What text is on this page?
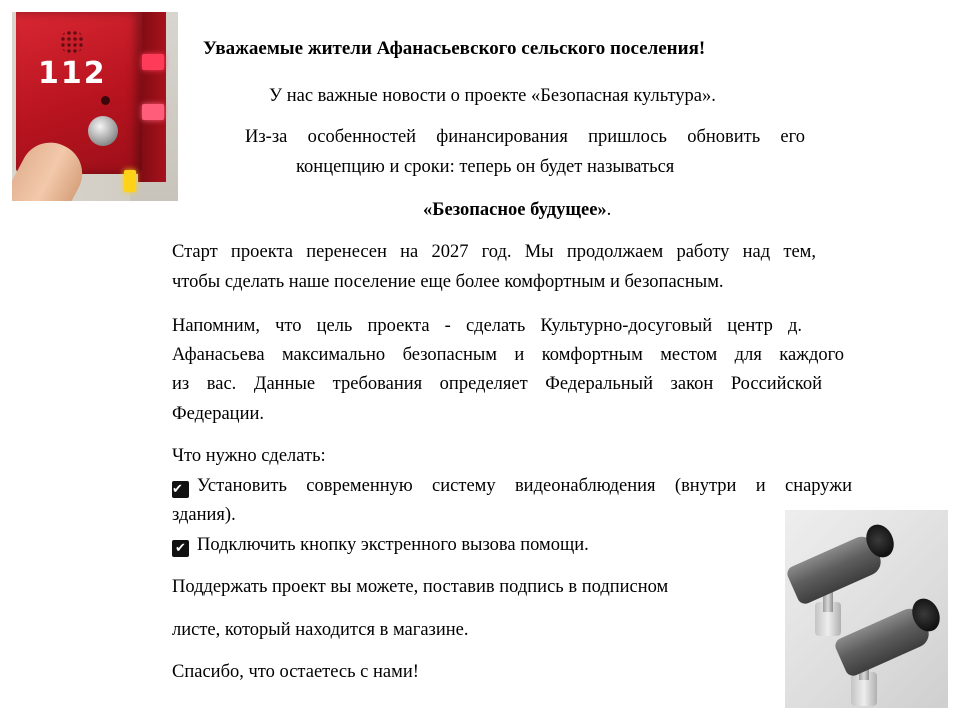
112

Уважаемые жители Афанасьевского сельского поселения!

У нас важные новости о проекте «Безопасная культура».

Из-за особенностей финансирования пришлось обновить его

концепцию и сроки: теперь он будет называться

«Безопасное будущее».

Старт проекта перенесен на 2027 год. Мы продолжаем работу над тем,

чтобы сделать наше поселение еще более комфортным и безопасным.

Напомним, что цель проекта - сделать Культурно-досуговый центр д.

Афанасьева максимально безопасным и комфортным местом для каждого

из вас. Данные требования определяет Федеральный закон Российской

Федерации.

Что нужно сделать:

✔ Установить современную систему видеонаблюдения (внутри и снаружи

здания).

✔ Подключить кнопку экстренного вызова помощи.

Поддержать проект вы можете, поставив подпись в подписном

листе, который находится в магазине.

Спасибо, что остаетесь с нами!
